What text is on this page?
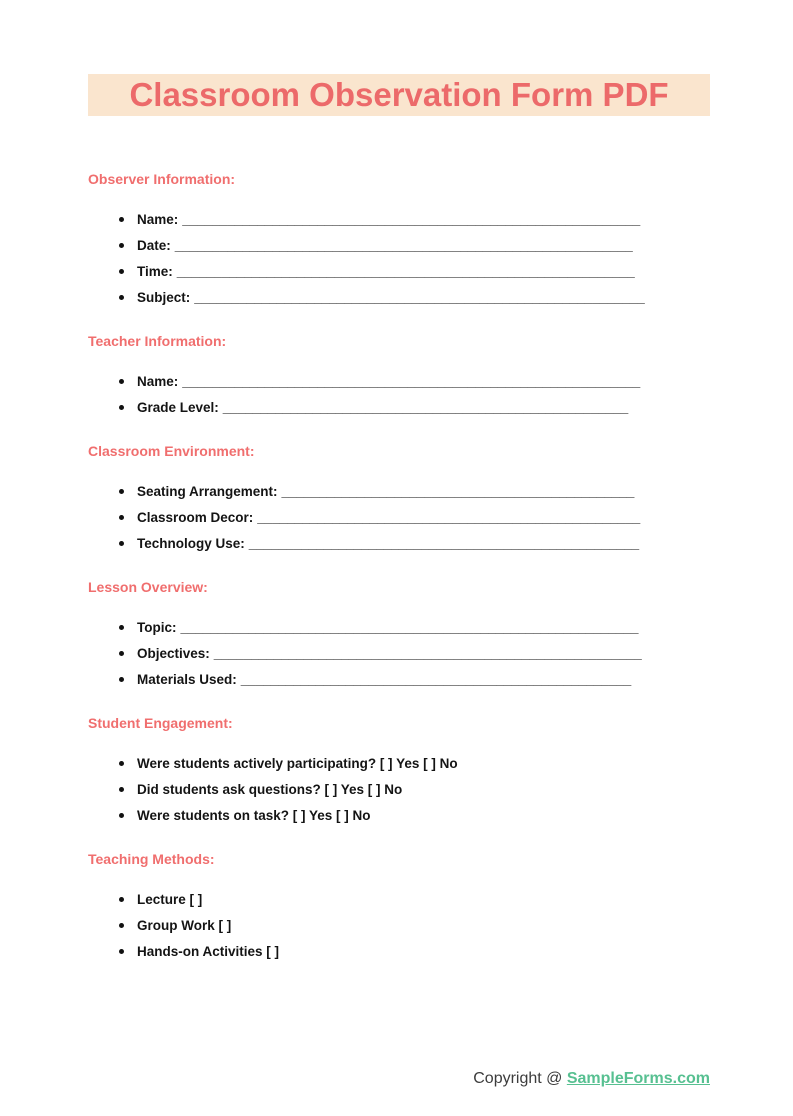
Classroom Observation Form PDF
Observer Information:
Name: _____________________________________________________________
Date: _____________________________________________________________
Time: _____________________________________________________________
Subject: ____________________________________________________________
Teacher Information:
Name: _____________________________________________________________
Grade Level: ______________________________________________________
Classroom Environment:
Seating Arrangement: _______________________________________________
Classroom Decor: ___________________________________________________
Technology Use: ____________________________________________________
Lesson Overview:
Topic: _____________________________________________________________
Objectives: _________________________________________________________
Materials Used: ____________________________________________________
Student Engagement:
Were students actively participating? [ ] Yes [ ] No
Did students ask questions? [ ] Yes [ ] No
Were students on task? [ ] Yes [ ] No
Teaching Methods:
Lecture [ ]
Group Work [ ]
Hands-on Activities [ ]
Copyright @ SampleForms.com
